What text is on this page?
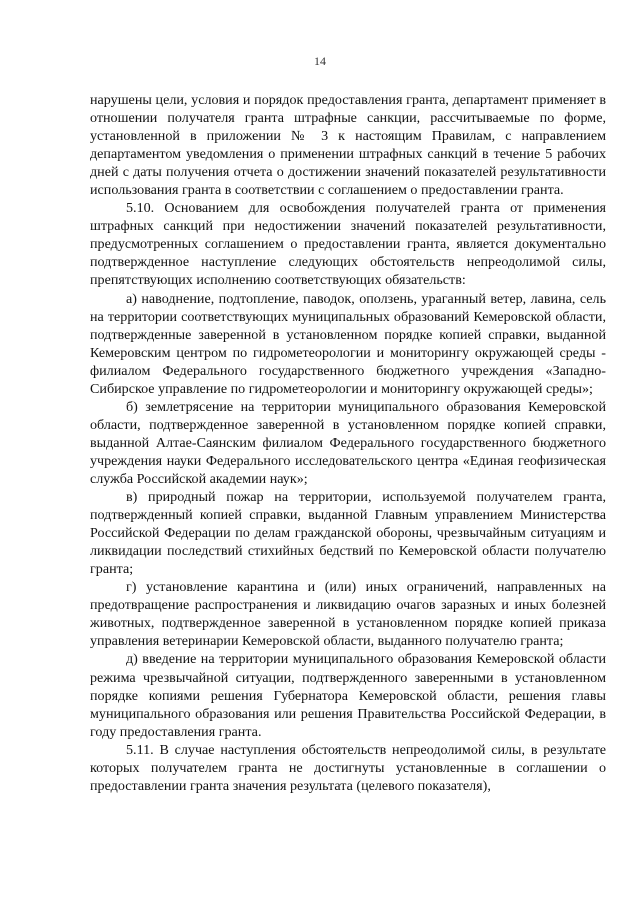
14

нарушены цели, условия и порядок предоставления гранта, департамент применяет в отношении получателя гранта штрафные санкции, рассчитываемые по форме, установленной в приложении № 3 к настоящим Правилам, с направлением департаментом уведомления о применении штрафных санкций в течение 5 рабочих дней с даты получения отчета о достижении значений показателей результативности использования гранта в соответствии с соглашением о предоставлении гранта.

5.10. Основанием для освобождения получателей гранта от применения штрафных санкций при недостижении значений показателей результативности, предусмотренных соглашением о предоставлении гранта, является документально подтвержденное наступление следующих обстоятельств непреодолимой силы, препятствующих исполнению соответствующих обязательств:

а) наводнение, подтопление, паводок, оползень, ураганный ветер, лавина, сель на территории соответствующих муниципальных образований Кемеровской области, подтвержденные заверенной в установленном порядке копией справки, выданной Кемеровским центром по гидрометеорологии и мониторингу окружающей среды - филиалом Федерального государственного бюджетного учреждения «Западно-Сибирское управление по гидрометеорологии и мониторингу окружающей среды»;

б) землетрясение на территории муниципального образования Кемеровской области, подтвержденное заверенной в установленном порядке копией справки, выданной Алтае-Саянским филиалом Федерального государственного бюджетного учреждения науки Федерального исследовательского центра «Единая геофизическая служба Российской академии наук»;

в) природный пожар на территории, используемой получателем гранта, подтвержденный копией справки, выданной Главным управлением Министерства Российской Федерации по делам гражданской обороны, чрезвычайным ситуациям и ликвидации последствий стихийных бедствий по Кемеровской области получателю гранта;

г) установление карантина и (или) иных ограничений, направленных на предотвращение распространения и ликвидацию очагов заразных и иных болезней животных, подтвержденное заверенной в установленном порядке копией приказа управления ветеринарии Кемеровской области, выданного получателю гранта;

д) введение на территории муниципального образования Кемеровской области режима чрезвычайной ситуации, подтвержденного заверенными в установленном порядке копиями решения Губернатора Кемеровской области, решения главы муниципального образования или решения Правительства Российской Федерации, в году предоставления гранта.

5.11. В случае наступления обстоятельств непреодолимой силы, в результате которых получателем гранта не достигнуты установленные в соглашении о предоставлении гранта значения результата (целевого показателя),
